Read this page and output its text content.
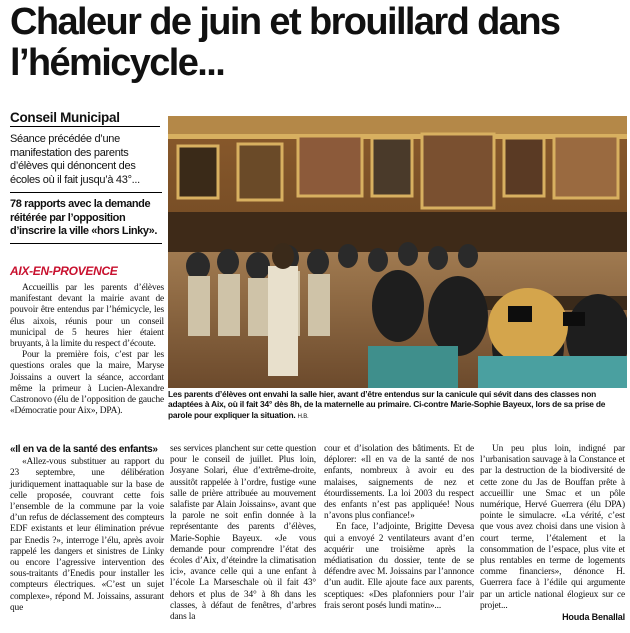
Chaleur de juin et brouillard dans l’hémicycle...
Conseil Municipal
Séance précédée d’une manifestation des parents d’élèves qui dénoncent des écoles où il fait jusqu’à 43°...
78 rapports avec la demande réitérée par l’opposition d’inscrire la ville «hors Linky».
AIX-EN-PROVENCE

Accueillis par les parents d’élèves manifestant devant la mairie avant de pouvoir être entendus par l’hémicycle, les élus aixois, réunis pour un conseil municipal de 5 heures hier étaient bruyants, à la limite du respect d’écoute.

Pour la première fois, c’est par les questions orales que la maire, Maryse Joissains a ouvert la séance, accordant même la primeur à Lucien-Alexandre Castronovo (élu de l’opposition de gauche «Démocratie pour Aix», DPA).

Les parents d’élèves ont envahi la salle hier, avant d’être entendus sur la canicule qui sévit dans des classes non adaptées à Aix, où il fait 34° dès 8h, de la maternelle au primaire. Ci-contre Marie-Sophie Bayeux, lors de sa prise de parole pour expliquer la situation. H.B.
«Il en va de la santé des enfants»

«Allez-vous substituer au rapport du 23 septembre, une délibération juridiquement inattaquable sur la base de celle proposée, couvrant cette fois l’ensemble de la commune par la voie d’un refus de déclassement des compteurs EDF existants et leur élimination prévue par Enedis ?», interroge l’élu, après avoir rappelé les dangers et sinistres de Linky ou encore l’agressive intervention des sous-traitants d’Enedis pour installer les compteurs électriques. «C’est un sujet complexe», répond M. Joissains, assurant que

ses services planchent sur cette question pour le conseil de juillet. Plus loin, Josyane Solari, élue d’extrême-droite, aussitôt rappelée à l’ordre, fustige «une salle de prière attribuée au mouvement salafiste par Alain Joissains», avant que la parole ne soit enfin donnée à la représentante des parents d’élèves, Marie-Sophie Bayeux. «Je vous demande pour comprendre l’état des écoles d’Aix, d’éteindre la climatisation ici», avance celle qui a une enfant à l’école La Marseschale où il fait 43° dehors et plus de 34° à 8h dans les classes, à défaut de fenêtres, d’arbres dans la

cour et d’isolation des bâtiments. Et de déplorer: «Il en va de la santé de nos enfants, nombreux à avoir eu des malaises, saignements de nez et étourdissements. La loi 2003 du respect des enfants n’est pas appliquée! Nous n’avons plus confiance!»

En face, l’adjointe, Brigitte Devesa qui a envoyé 2 ventilateurs avant d’en acquérir une troisième après la médiatisation du dossier, tente de se défendre avec M. Joissains par l’annonce d’un audit. Elle ajoute face aux parents, sceptiques: «Des plafonniers pour l’air frais seront posés lundi matin»...

Un peu plus loin, indigné par l’urbanisation sauvage à la Constance et par la destruction de la biodiversité de cette zone du Jas de Bouffan prête à accueillir une Smac et un pôle numérique, Hervé Guerrera (élu DPA) pointe le simulacre. «La vérité, c’est que vous avez choisi dans une vision à court terme, l’étalement et la consommation de l’espace, plus vite et plus rentables en terme de logements comme financiers», dénonce H. Guerrera face à l’édile qui argumente par un article national élogieux sur ce projet...

Houda Benallal
